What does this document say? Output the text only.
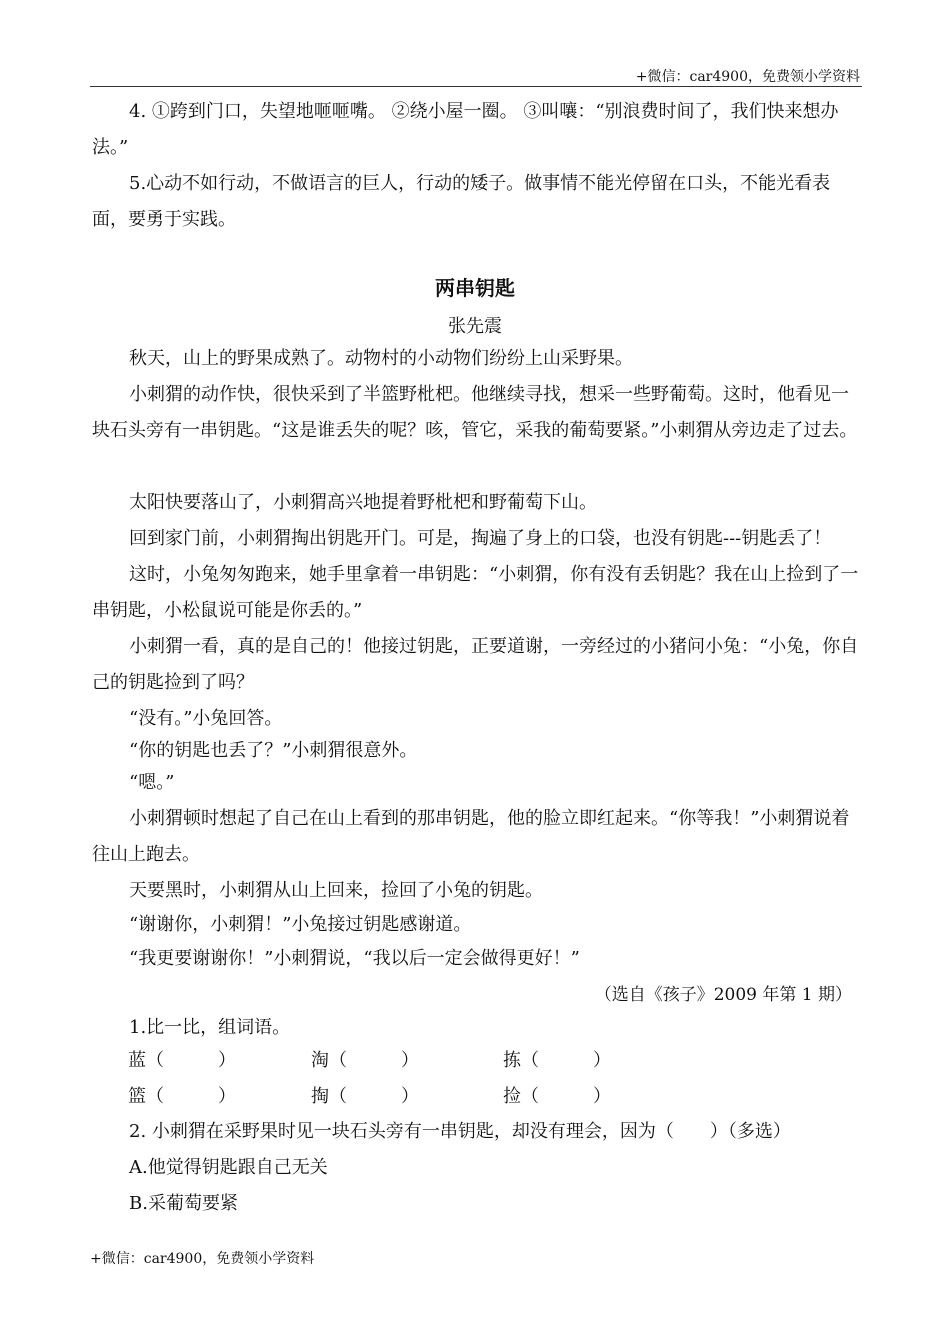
+微信：car4900，免费领小学资料
4. ①跨到门口，失望地咂咂嘴。 ②绕小屋一圈。 ③叫嚷：“别浪费时间了，我们快来想办法。”
5.心动不如行动，不做语言的巨人，行动的矮子。做事情不能光停留在口头，不能光看表面，要勇于实践。
两串钥匙
张先震
秋天，山上的野果成熟了。动物村的小动物们纷纷上山采野果。
小刺猬的动作快，很快采到了半篮野枇杷。他继续寻找，想采一些野葡萄。这时，他看见一块石头旁有一串钥匙。“这是谁丢失的呢？咳，管它，采我的葡萄要紧。”小刺猬从旁边走了过去。
太阳快要落山了，小刺猬高兴地提着野枇杷和野葡萄下山。
回到家门前，小刺猬掏出钥匙开门。可是，掏遍了身上的口袋，也没有钥匙---钥匙丢了！
这时，小兔匆匆跑来，她手里拿着一串钥匙：“小刺猬，你有没有丢钥匙？我在山上捡到了一串钥匙，小松鼠说可能是你丢的。”
小刺猬一看，真的是自己的！他接过钥匙，正要道谢，一旁经过的小猪问小兔：“小兔，你自己的钥匙捡到了吗？
“没有。”小兔回答。
“你的钥匙也丢了？”小刺猬很意外。
“嗯。”
小刺猬顿时想起了自己在山上看到的那串钥匙，他的脸立即红起来。“你等我！”小刺猬说着往山上跑去。
天要黑时，小刺猬从山上回来，捡回了小兔的钥匙。
“谢谢你，小刺猬！”小兔接过钥匙感谢道。
“我更要谢谢你！”小刺猬说，“我以后一定会做得更好！”
（选自《孩子》2009 年第 1 期）
1.比一比，组词语。
蓝（　　　）	淘（　　　）	拣（　　　）
篮（　　　）	掏（　　　）	捡（　　　）
2. 小刺猬在采野果时见一块石头旁有一串钥匙，却没有理会，因为（　　）（多选）
A.他觉得钥匙跟自己无关
B.采葡萄要紧
+微信：car4900，免费领小学资料
